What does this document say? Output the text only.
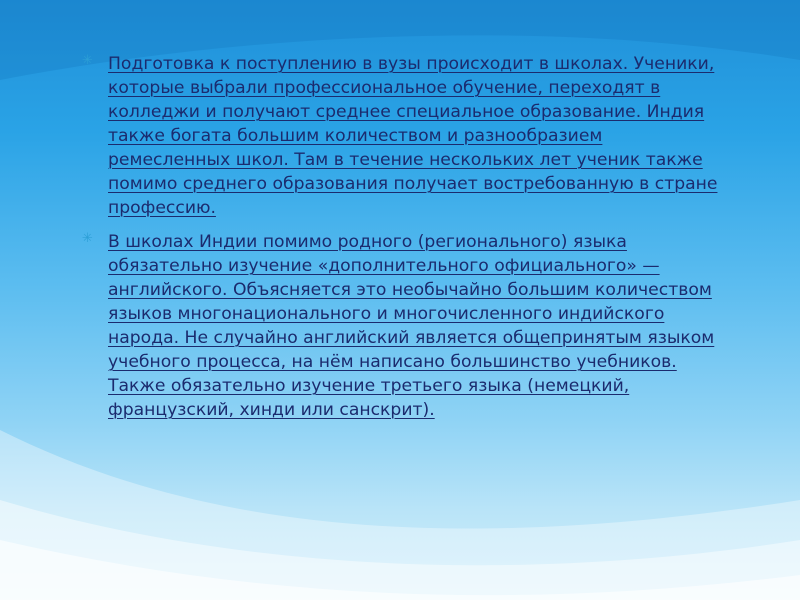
✳ Подготовка к поступлению в вузы происходит в школах. Ученики, которые выбрали профессиональное обучение, переходят в колледжи и получают среднее специальное образование. Индия также богата большим количеством и разнообразием ремесленных школ. Там в течение нескольких лет ученик также помимо среднего образования получает востребованную в стране профессию.
✳ В школах Индии помимо родного (регионального) языка обязательно изучение «дополнительного официального» — английского. Объясняется это необычайно большим количеством языков многонационального и многочисленного индийского народа. Не случайно английский является общепринятым языком учебного процесса, на нём написано большинство учебников. Также обязательно изучение третьего языка (немецкий, французский, хинди или санскрит).
